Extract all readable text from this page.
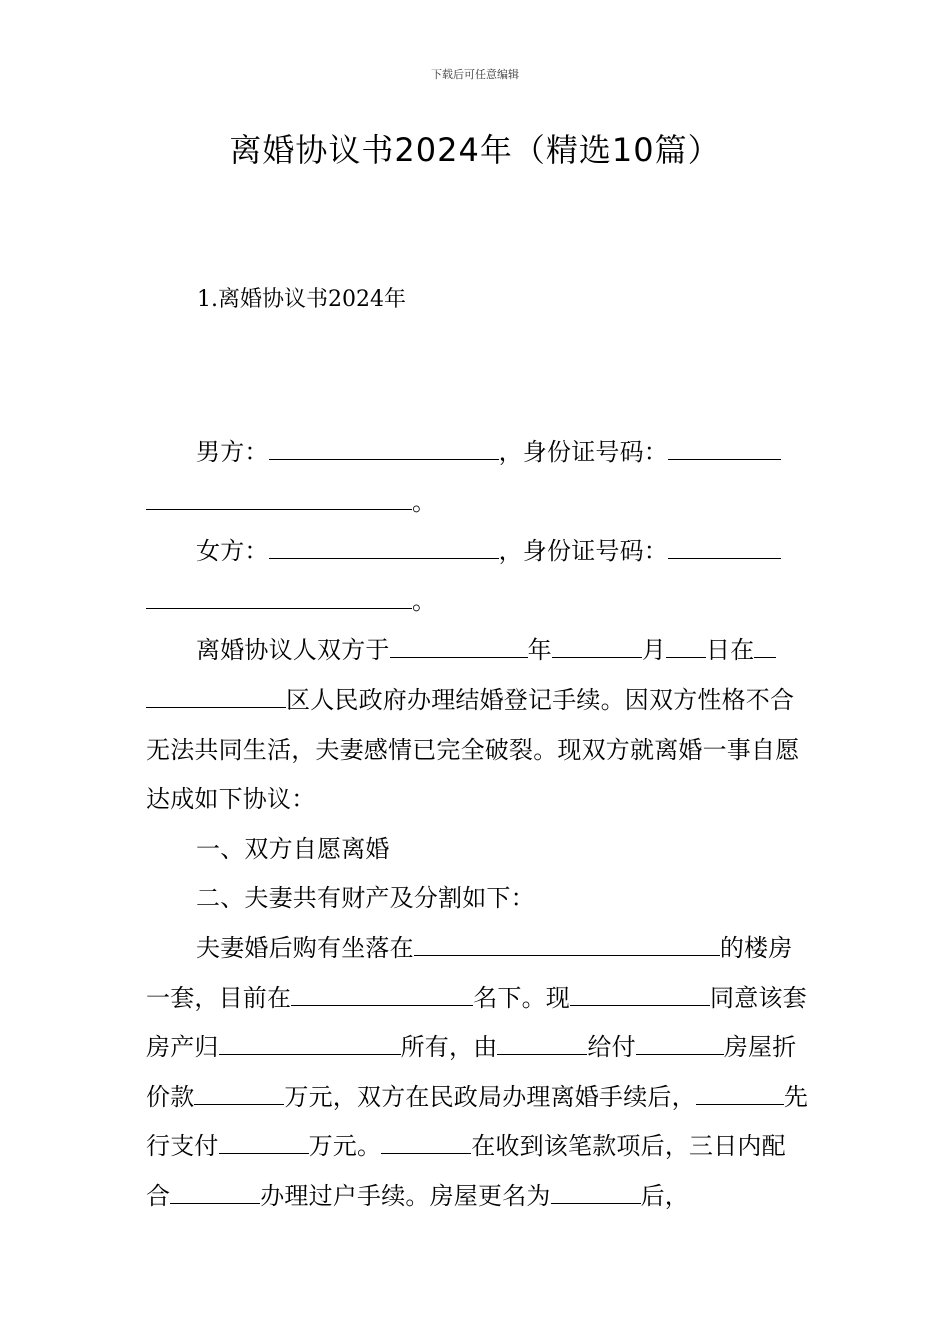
下载后可任意编辑
离婚协议书2024年（精选10篇）
1.离婚协议书2024年

男方：	，身份证号码：。

女方：	，身份证号码：。

离婚协议人双方于	年	月 日在区人民政府办理结婚登记手续。因双方性格不合无法共同生活，夫妻感情已完全破裂。现双方就离婚一事自愿达成如下协议：

一、双方自愿离婚

二、夫妻共有财产及分割如下：

夫妻婚后购有坐落在	的楼房一套，目前在	名下。现	同意该套房产归	所有，由	给付	房屋折价款	万元，双方在民政局办理离婚手续后，	先行支付	万元。	在收到该笔款项后，三日内配合	办理过户手续。房屋更名为	后，
